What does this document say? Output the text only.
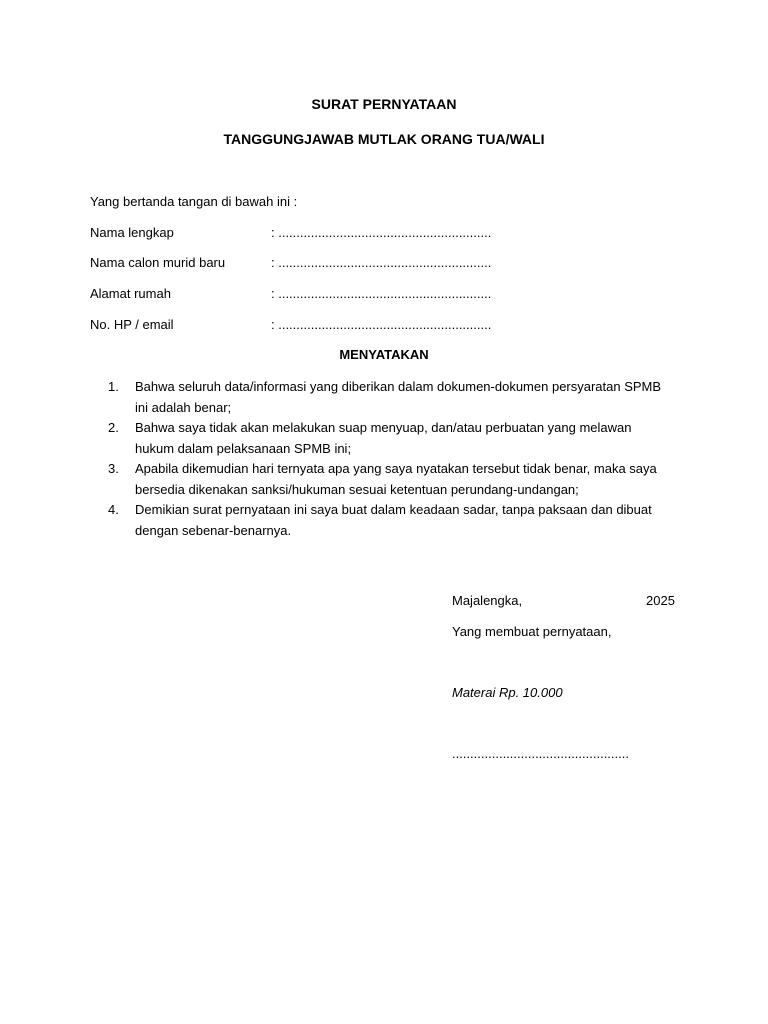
SURAT PERNYATAAN
TANGGUNGJAWAB MUTLAK ORANG TUA/WALI
Yang bertanda tangan di bawah ini :
Nama lengkap	: ...........................................................
Nama calon murid baru	: ...........................................................
Alamat rumah	: ...........................................................
No. HP / email	: ...........................................................
MENYATAKAN
1. Bahwa seluruh data/informasi yang diberikan dalam dokumen-dokumen persyaratan SPMB ini adalah benar;
2. Bahwa saya tidak akan melakukan suap menyuap, dan/atau perbuatan yang melawan hukum dalam pelaksanaan SPMB ini;
3. Apabila dikemudian hari ternyata apa yang saya nyatakan tersebut tidak benar, maka saya bersedia dikenakan sanksi/hukuman sesuai ketentuan perundang-undangan;
4. Demikian surat pernyataan ini saya buat dalam keadaan sadar, tanpa paksaan dan dibuat dengan sebenar-benarnya.
Majalengka,	2025
Yang membuat pernyataan,
Materai Rp. 10.000
.................................................
